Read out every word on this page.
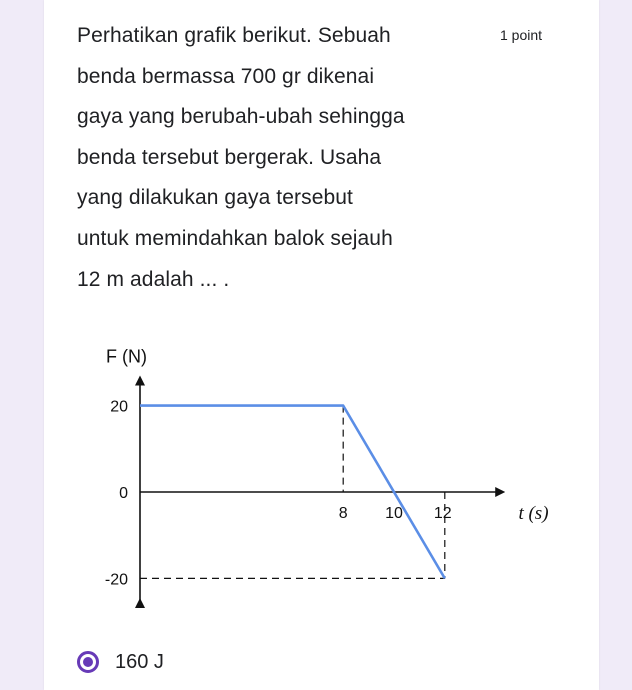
Perhatikan grafik berikut. Sebuah
benda bermassa 700 gr dikenai
gaya yang berubah-ubah sehingga
benda tersebut bergerak. Usaha
yang dilakukan gaya tersebut
untuk memindahkan balok sejauh
12 m adalah ... .
1 point
F (N)
t (s)
20
0
-20
8 10 12
160 J
